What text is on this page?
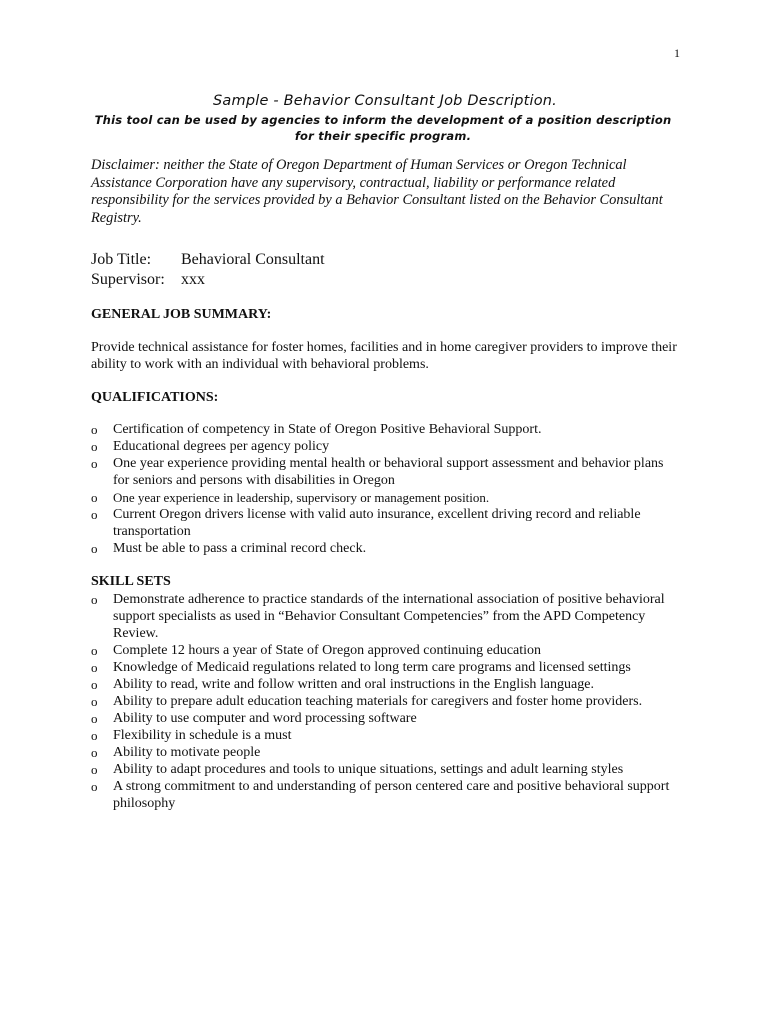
1
Sample - Behavior Consultant Job Description.
This tool can be used by agencies to inform the development of a position description for their specific program.
Disclaimer: neither the State of Oregon Department of Human Services or Oregon Technical Assistance Corporation have any supervisory, contractual, liability or performance related responsibility for the services provided by a Behavior Consultant listed on the Behavior Consultant Registry.
Job Title:	Behavioral Consultant
Supervisor:	xxx
GENERAL JOB SUMMARY:
Provide technical assistance for foster homes, facilities and in home caregiver providers to improve their ability to work with an individual with behavioral problems.
QUALIFICATIONS:
o Certification of competency in State of Oregon Positive Behavioral Support.
o Educational degrees per agency policy
o One year experience providing mental health or behavioral support assessment and behavior plans for seniors and persons with disabilities in Oregon
o One year experience in leadership, supervisory or management position.
o Current Oregon drivers license with valid auto insurance, excellent driving record and reliable transportation
o Must be able to pass a criminal record check.
SKILL SETS
o Demonstrate adherence to practice standards of the international association of positive behavioral support specialists as used in “Behavior Consultant Competencies” from the APD Competency Review.
o Complete 12 hours a year of State of Oregon approved continuing education
o Knowledge of Medicaid regulations related to long term care programs and licensed settings
o Ability to read, write and follow written and oral instructions in the English language.
o Ability to prepare adult education teaching materials for caregivers and foster home providers.
o Ability to use computer and word processing software
o Flexibility in schedule is a must
o Ability to motivate people
o Ability to adapt procedures and tools to unique situations, settings and adult learning styles
o A strong commitment to and understanding of person centered care and positive behavioral support philosophy
